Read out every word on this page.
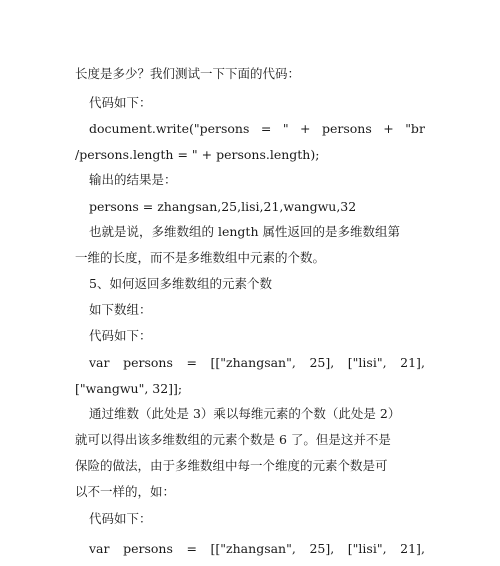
长度是多少？我们测试一下下面的代码：

代码如下：

document.write("persons = " + persons + "br

/persons.length = " + persons.length);

输出的结果是：

persons = zhangsan,25,lisi,21,wangwu,32

也就是说，多维数组的 length 属性返回的是多维数组第

一维的长度，而不是多维数组中元素的个数。

5、如何返回多维数组的元素个数

如下数组：

代码如下：

var persons = [["zhangsan", 25], ["lisi", 21],

["wangwu", 32]];

通过维数（此处是 3）乘以每维元素的个数（此处是 2）

就可以得出该多维数组的元素个数是 6 了。但是这并不是

保险的做法，由于多维数组中每一个维度的元素个数是可

以不一样的，如：

代码如下：

var persons = [["zhangsan", 25], ["lisi", 21],
